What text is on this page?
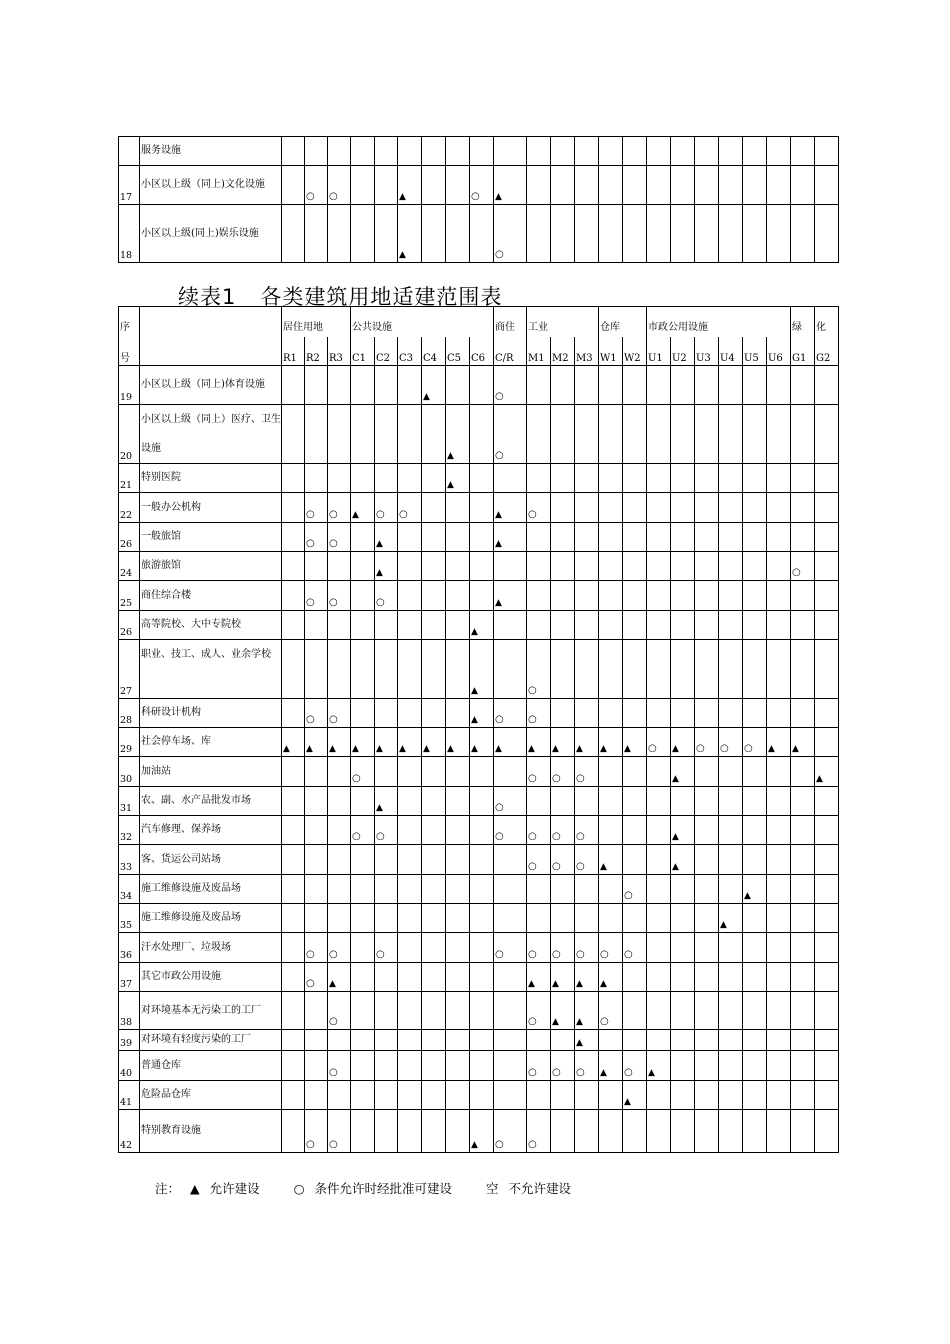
	服务设施																							
17	小区以上级（同上)文化设施		○	○			▲			○	▲													
18	小区以上级(同上)娱乐设施						▲				○													
续表1 各类建筑用地适建范围表
序		居住用地			公共设施						商住	工业			仓库		市政公用设施						绿	化
号		R1	R2	R3	C1	C2	C3	C4	C5	C6	C/R	M1	M2	M3	W1	W2	U1	U2	U3	U4	U5	U6	G1	G2
19	小区以上级（同上)体育设施							▲			○													
20	小区以上级（同上）医疗、卫生设施								▲		○													
21	特别医院								▲															
22	一般办公机构		○	○	▲	○	○				▲	○												
26	一般旅馆		○	○		▲					▲													
24	旅游旅馆					▲																	○	
25	商住综合楼		○	○		○					▲													
26	高等院校、大中专院校									▲														
27	职业、技工、成人、业余学校									▲		○												
28	科研设计机构		○	○						▲	○	○												
29	社会停车场、库	▲	▲	▲	▲	▲	▲	▲	▲	▲	▲	▲	▲	▲	▲	▲	○	▲	○	○	○	▲	▲	
30	加油站				○							○	○	○				▲						▲
31	农、副、水产品批发市场					▲					○													
32	汽车修理、保养场				○	○					○	○	○	○				▲						
33	客、货运公司站场											○	○	○	▲			▲						
34	施工维修设施及废品场															○					▲			
35	施工维修设施及废品场																			▲				
36	汗水处理厂、垃圾场		○	○		○					○	○	○	○	○	○								
37	其它市政公用设施		○	▲								▲	▲	▲	▲									
38	对环境基本无污染工的工厂			○								○	▲	▲	○									
39	对环境有轻度污染的工厂													▲										
40	普通仓库			○								○	○	○	▲	○	▲							
41	危险品仓库															▲								
42	特别教育设施		○	○						▲	○	○												
注： ▲ 允许建设	○ 条件允许时经批准可建设	空 不允许建设
